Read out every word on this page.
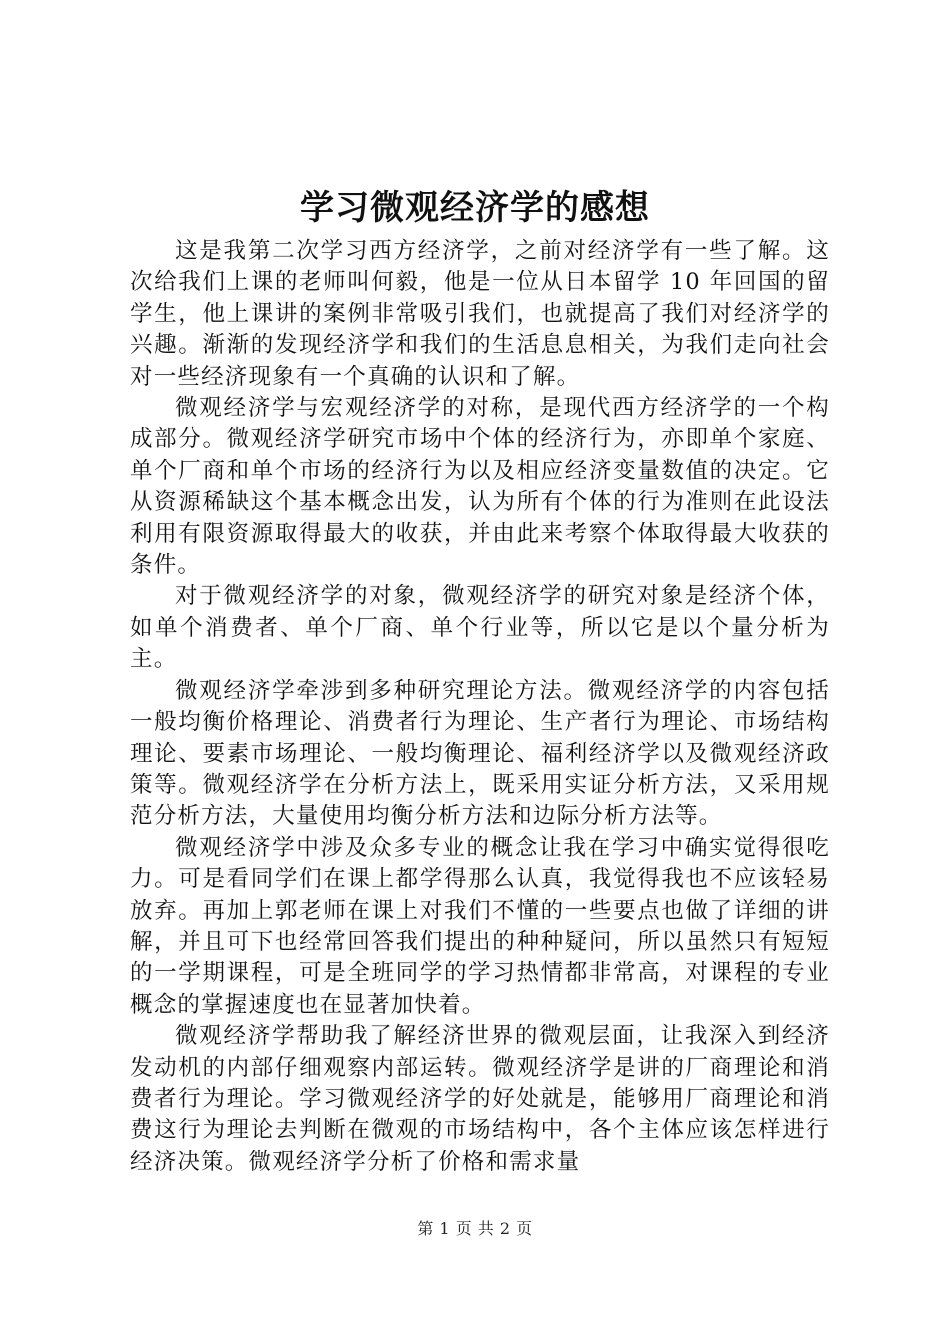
学习微观经济学的感想

这是我第二次学习西方经济学，之前对经济学有一些了解。这次给我们上课的老师叫何毅，他是一位从日本留学 10 年回国的留学生，他上课讲的案例非常吸引我们，也就提高了我们对经济学的兴趣。渐渐的发现经济学和我们的生活息息相关，为我们走向社会对一些经济现象有一个真确的认识和了解。

微观经济学与宏观经济学的对称，是现代西方经济学的一个构成部分。微观经济学研究市场中个体的经济行为，亦即单个家庭、单个厂商和单个市场的经济行为以及相应经济变量数值的决定。它从资源稀缺这个基本概念出发，认为所有个体的行为准则在此设法利用有限资源取得最大的收获，并由此来考察个体取得最大收获的条件。

对于微观经济学的对象，微观经济学的研究对象是经济个体，如单个消费者、单个厂商、单个行业等，所以它是以个量分析为主。

微观经济学牵涉到多种研究理论方法。微观经济学的内容包括一般均衡价格理论、消费者行为理论、生产者行为理论、市场结构理论、要素市场理论、一般均衡理论、福利经济学以及微观经济政策等。微观经济学在分析方法上，既采用实证分析方法，又采用规范分析方法，大量使用均衡分析方法和边际分析方法等。

微观经济学中涉及众多专业的概念让我在学习中确实觉得很吃力。可是看同学们在课上都学得那么认真，我觉得我也不应该轻易放弃。再加上郭老师在课上对我们不懂的一些要点也做了详细的讲解，并且可下也经常回答我们提出的种种疑问，所以虽然只有短短的一学期课程，可是全班同学的学习热情都非常高，对课程的专业概念的掌握速度也在显著加快着。

微观经济学帮助我了解经济世界的微观层面，让我深入到经济发动机的内部仔细观察内部运转。微观经济学是讲的厂商理论和消费者行为理论。学习微观经济学的好处就是，能够用厂商理论和消费这行为理论去判断在微观的市场结构中，各个主体应该怎样进行经济决策。微观经济学分析了价格和需求量

第 1 页 共 2 页
